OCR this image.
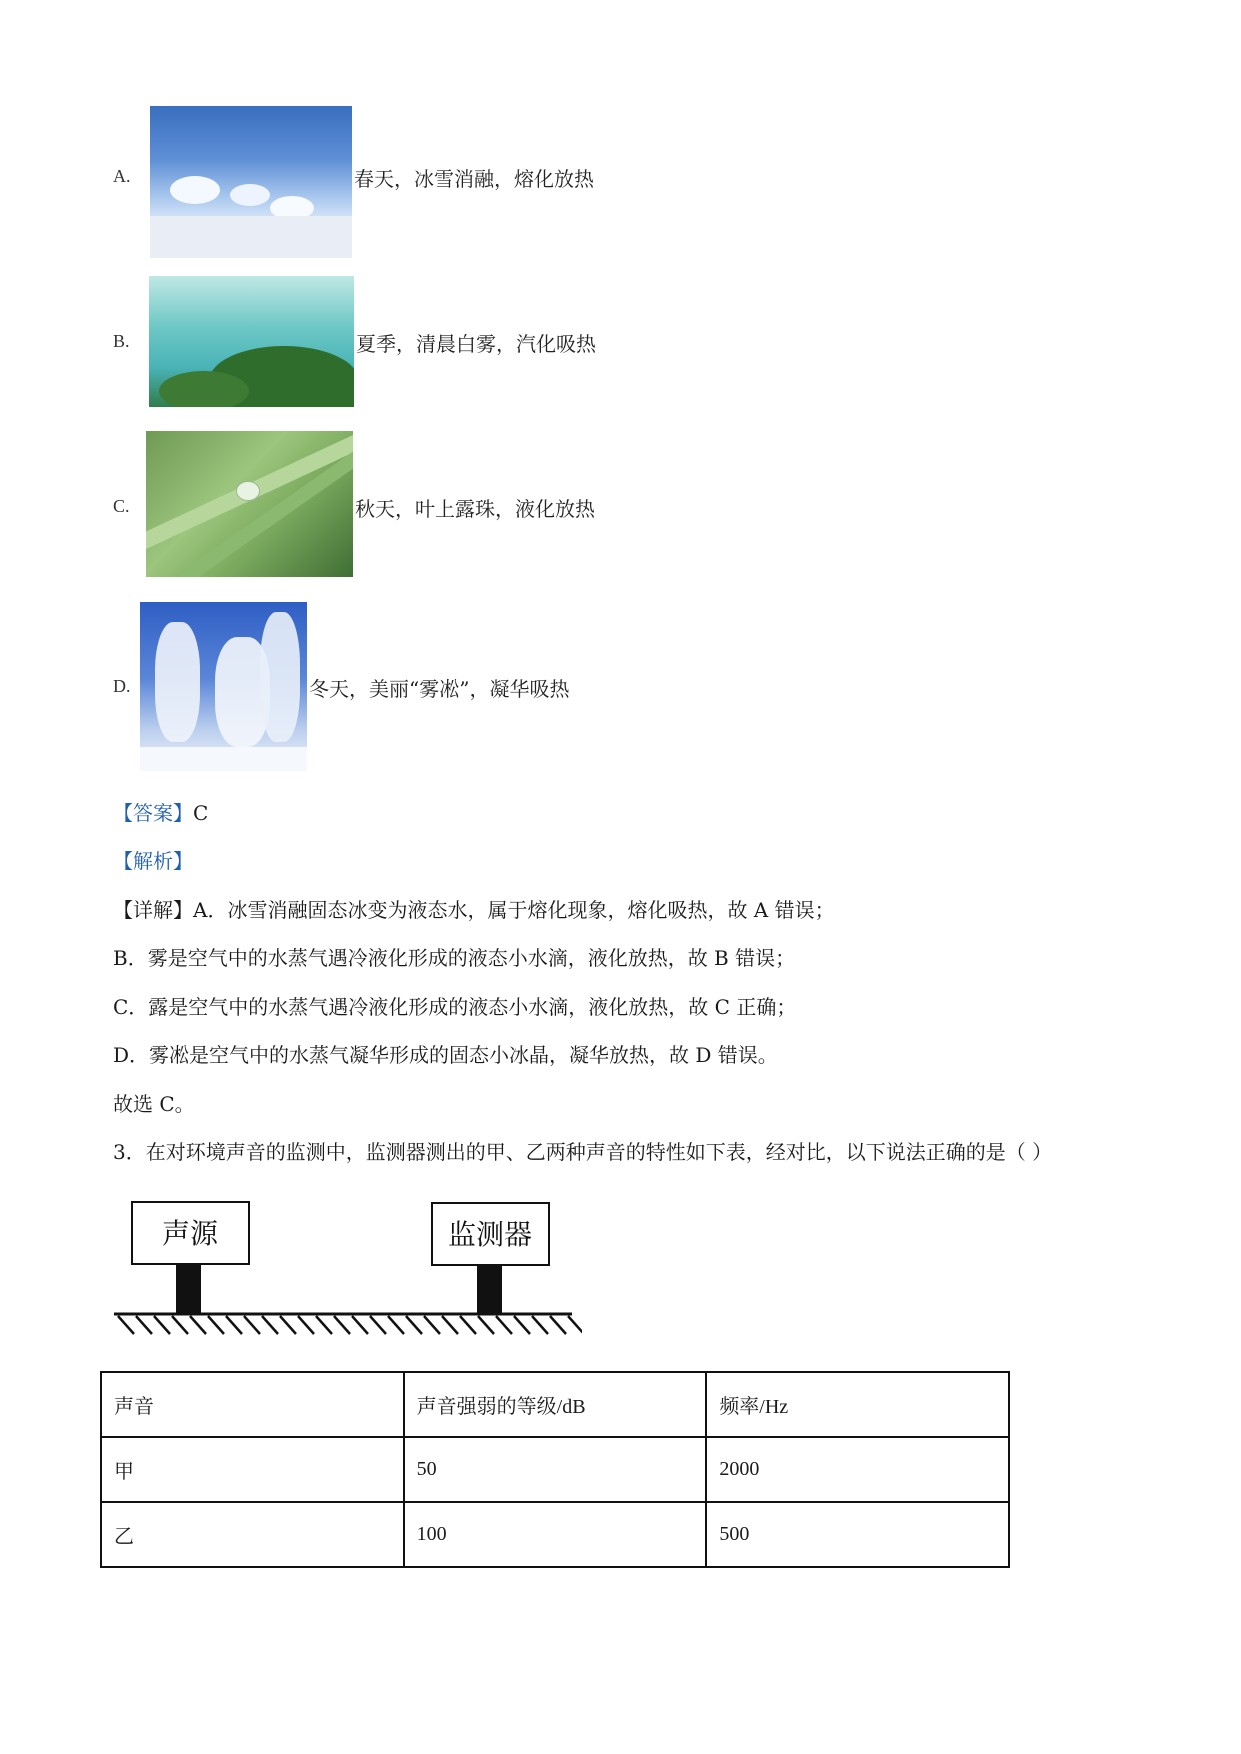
A.	春天，冰雪消融，熔化放热
B.	夏季，清晨白雾，汽化吸热
C.	秋天，叶上露珠，液化放热
D.	冬天，美丽“雾凇”，凝华吸热
【答案】C
【解析】
【详解】A．冰雪消融固态冰变为液态水，属于熔化现象，熔化吸热，故 A 错误；
B．雾是空气中的水蒸气遇冷液化形成的液态小水滴，液化放热，故 B 错误；
C．露是空气中的水蒸气遇冷液化形成的液态小水滴，液化放热，故 C 正确；
D．雾凇是空气中的水蒸气凝华形成的固态小冰晶，凝华放热，故 D 错误。
故选 C。
3．在对环境声音的监测中，监测器测出的甲、乙两种声音的特性如下表，经对比，以下说法正确的是（ ）
声源	监测器
声音	声音强弱的等级/dB	频率/Hz
甲	50	2000
乙	100	500
